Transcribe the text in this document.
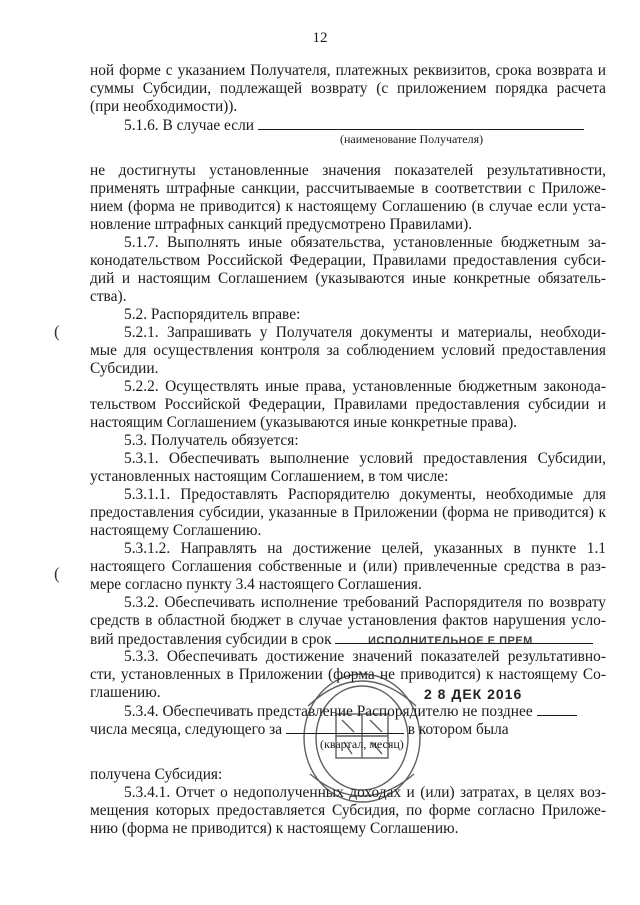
12
ной форме с указанием Получателя, платежных реквизитов, срока возврата и
суммы Субсидии, подлежащей возврату (с приложением порядка расчета
(при необходимости)).
5.1.6. В случае если
(наименование Получателя)
не достигнуты установленные значения показателей результативности,
применять штрафные санкции, рассчитываемые в соответствии с Приложе-
нием (форма не приводится) к настоящему Соглашению (в случае если уста-
новление штрафных санкций предусмотрено Правилами).
5.1.7. Выполнять иные обязательства, установленные бюджетным за-
конодательством Российской Федерации, Правилами предоставления субси-
дий и настоящим Соглашением (указываются иные конкретные обязатель-
ства).
5.2. Распорядитель вправе:
5.2.1. Запрашивать у Получателя документы и материалы, необходи-
мые для осуществления контроля за соблюдением условий предоставления
Субсидии.
5.2.2. Осуществлять иные права, установленные бюджетным законода-
тельством Российской Федерации, Правилами предоставления субсидии и
настоящим Соглашением (указываются иные конкретные права).
5.3. Получатель обязуется:
5.3.1. Обеспечивать выполнение условий предоставления Субсидии,
установленных настоящим Соглашением, в том числе:
5.3.1.1. Предоставлять Распорядителю документы, необходимые для
предоставления субсидии, указанные в Приложении (форма не приводится) к
настоящему Соглашению.
5.3.1.2. Направлять на достижение целей, указанных в пункте 1.1
настоящего Соглашения собственные и (или) привлеченные средства в раз-
мере согласно пункту 3.4 настоящего Соглашения.
5.3.2. Обеспечивать исполнение требований Распорядителя по возврату
средств в областной бюджет в случае установления фактов нарушения усло-
вий предоставления субсидии в срок
5.3.3. Обеспечивать достижение значений показателей результативно-
сти, установленных в Приложении (форма не приводится) к настоящему Со-
глашению.
5.3.4. Обеспечивать представление Распорядителю не позднее
числа месяца, следующего за	в котором была
(квартал, месяц)
получена Субсидия:
5.3.4.1. Отчет о недополученных доходах и (или) затратах, в целях воз-
мещения которых предоставляется Субсидия, по форме согласно Приложе-
нию (форма не приводится) к настоящему Соглашению.
(
(
ИСПОЛНИТЕЛЬНОЕ Е ПРЕМ
2 8 ДЕК 2016
